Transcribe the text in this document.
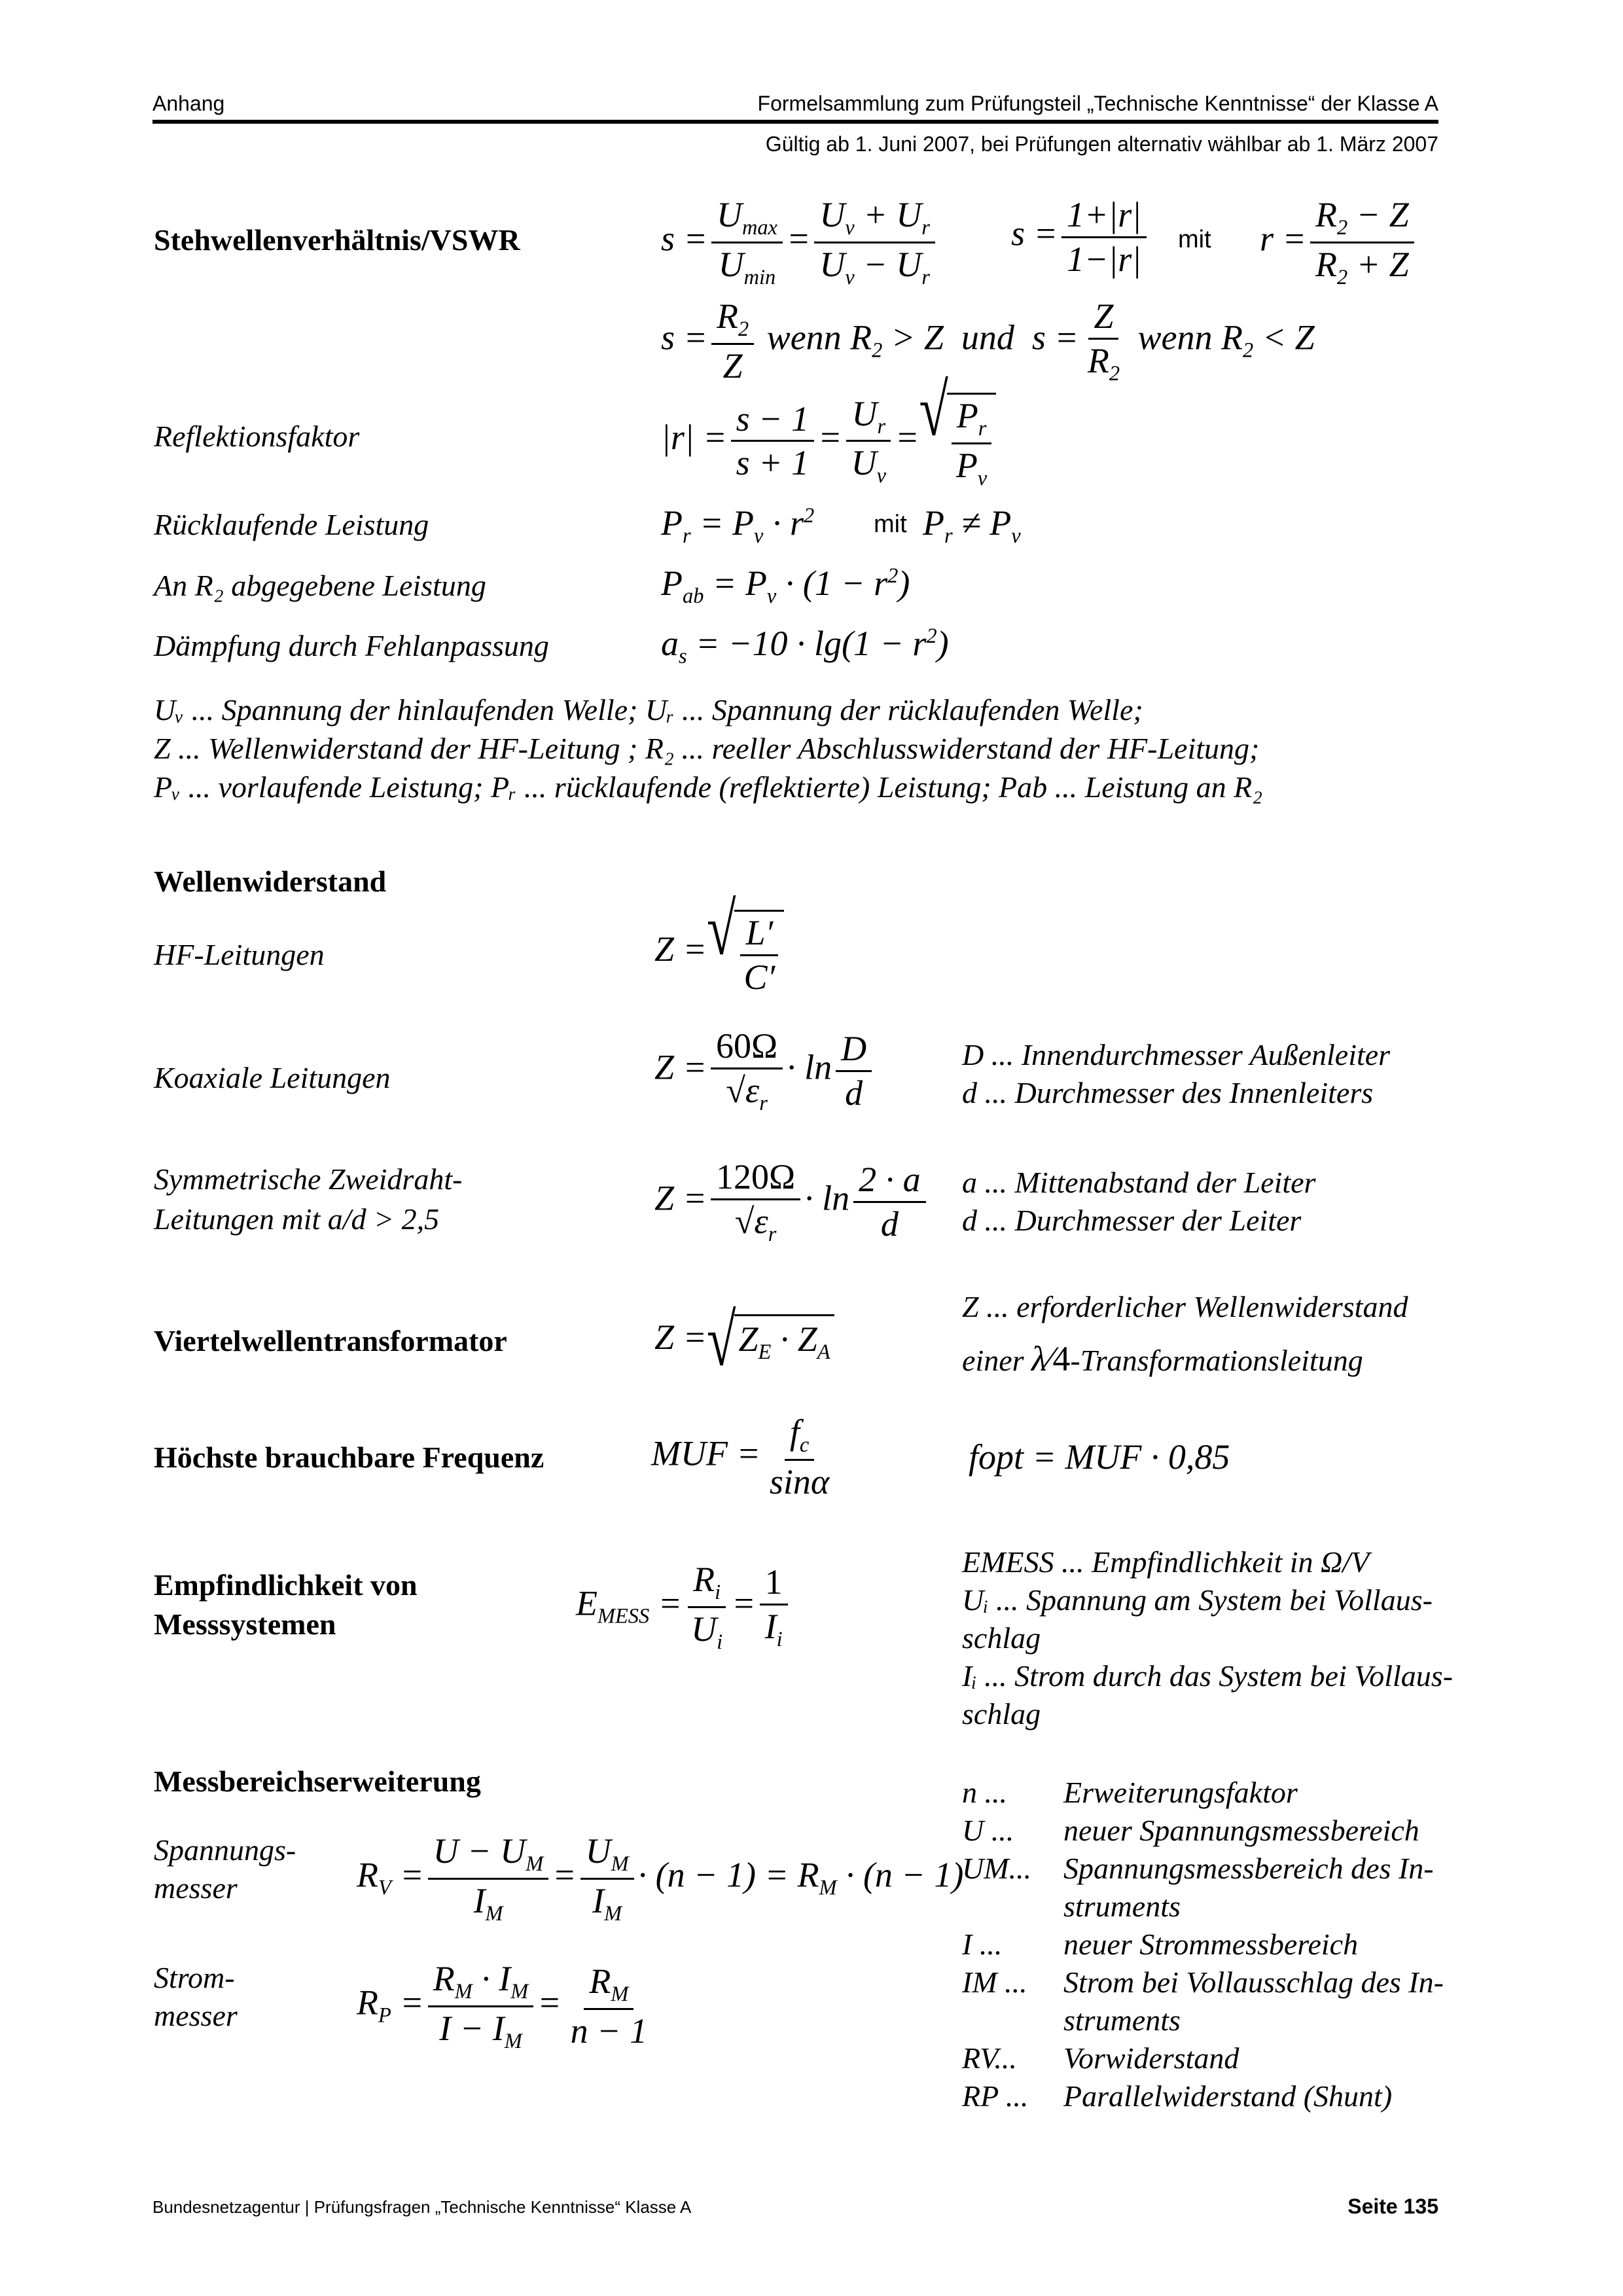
Anhang	Formelsammlung zum Prüfungsteil „Technische Kenntnisse“ der Klasse A
Gültig ab 1. Juni 2007, bei Prüfungen alternativ wählbar ab 1. März 2007
Stehwellenverhältnis/VSWR	$s = \frac{U_{max}}{U_{min}} = \frac{U_v + U_r}{U_v - U_r}$ $s = \frac{1+|r|}{1-|r|}$ mit $r = \frac{R_2 - Z}{R_2 + Z}$
$s = \frac{R_2}{Z}$ wenn $R_2 > Z$  und  $s = \frac{Z}{R_2}$ wenn $R_2 < Z$
Reflektionsfaktor	$|r| = \frac{s - 1}{s + 1} = \frac{U_r}{U_v}$ = √ $\frac{P_r}{P_v}$
Rücklaufende Leistung	$P_r = P_v \cdot r^2$ mit $P_r \ne P_v$
An R₂ abgegebene Leistung	$P_{ab} = P_v \cdot (1 - r^2)$
Dämpfung durch Fehlanpassung	$a_s = -10 \cdot \lg(1 - r^2)$
Uᵥ ... Spannung der hinlaufenden Welle; Uᵣ ... Spannung der rücklaufenden Welle;
Z ... Wellenwiderstand der HF-Leitung ; R₂ ... reeller Abschlusswiderstand der HF-Leitung;
Pᵥ ... vorlaufende Leistung; Pᵣ ... rücklaufende (reflektierte) Leistung; Pab ... Leistung an R₂
Wellenwiderstand
HF-Leitungen	Z = √ $\frac{L'}{C'}$
Koaxiale Leitungen	$Z = \frac{60\Omega}{√\varepsilon_r} \cdot \ln \frac{D}{d}$	D ... Innendurchmesser Außenleiter
d ... Durchmesser des Innenleiters
Symmetrische Zweidraht-
Leitungen mit a/d > 2,5
$Z = \frac{120\Omega}{√\varepsilon_r} \cdot \ln \frac{2 \cdot a}{d}$ a ... Mittenabstand der Leiter
d ... Durchmesser der Leiter
Viertelwellentransformator	Z = √ $Z_E \cdot Z_A$
Z ... erforderlicher Wellenwiderstand
einer λ⁄4-Transformationsleitung
Höchste brauchbare Frequenz	MUF = $\frac{f_c}{\sin\alpha}$	fopt = MUF · 0,85
Empfindlichkeit von
Messsystemen
$E_{MESS} = \frac{R_i}{U_i} = \frac{1}{I_i}$
EMESS ... Empfindlichkeit in Ω/V
Uᵢ ... Spannung am System bei Vollaus-
schlag
Iᵢ ... Strom durch das System bei Vollaus-
schlag
Messbereichserweiterung
Spannungs-
messer	$R_V = \frac{U - U_M}{I_M} = \frac{U_M}{I_M} \cdot (n - 1) = R_M \cdot (n - 1)$
Strom-
messer	$R_P = \frac{R_M \cdot I_M}{I - I_M} = \frac{R_M}{n - 1}$
n ... Erweiterungsfaktor
U ... neuer Spannungsmessbereich
UM... Spannungsmessbereich des In-
struments
I ... neuer Strommessbereich
IM ... Strom bei Vollausschlag des In-
struments
RV... Vorwiderstand
RP ... Parallelwiderstand (Shunt)
Bundesnetzagentur | Prüfungsfragen „Technische Kenntnisse“ Klasse A	Seite 135
